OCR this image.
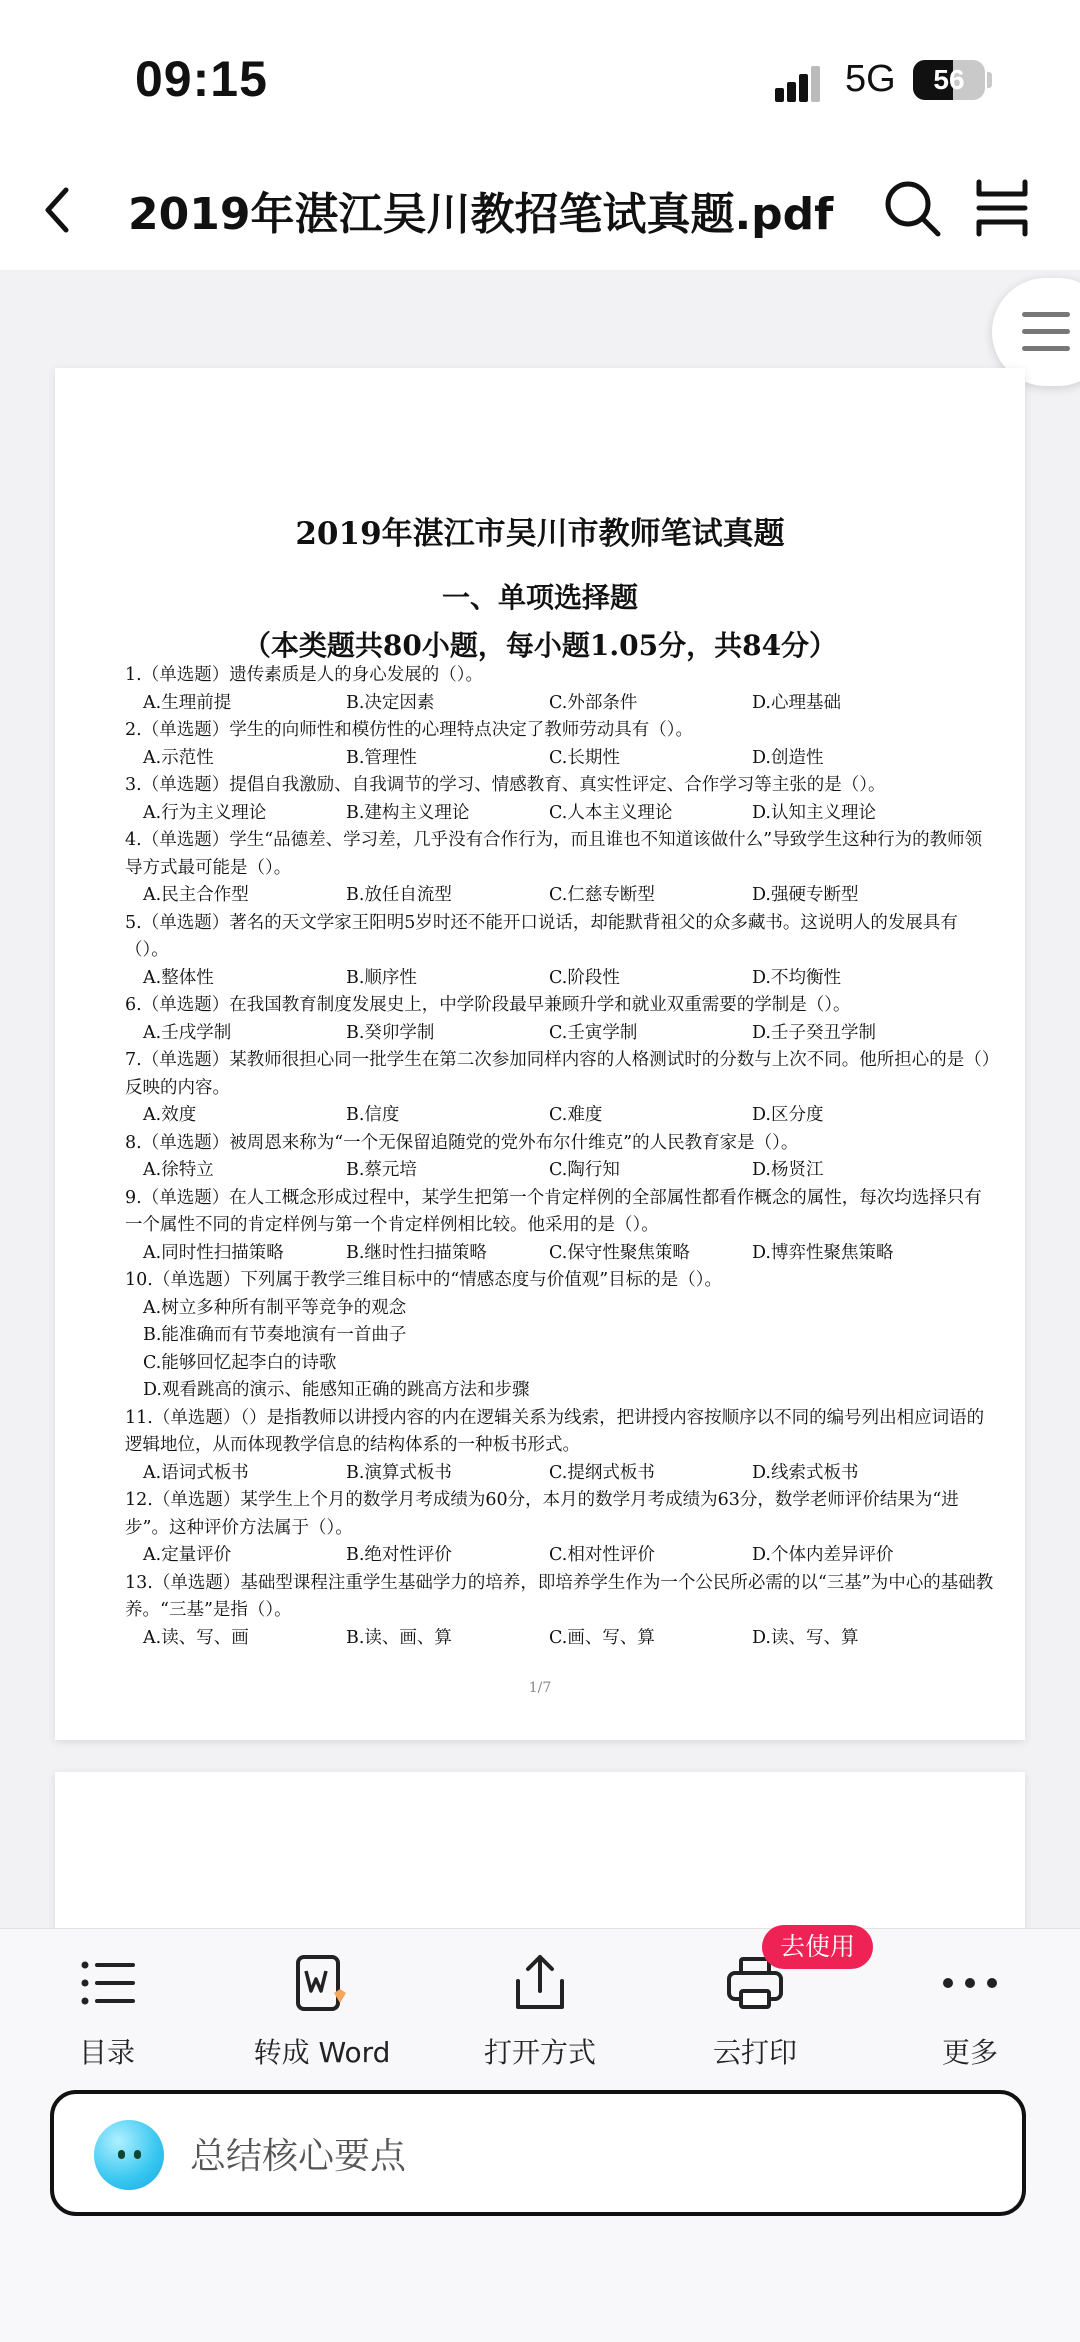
09:15	5G	56
2019年湛江吴川教招笔试真题.pdf
2019年湛江市吴川市教师笔试真题
一、单项选择题
（本类题共80小题，每小题1.05分，共84分）

1.（单选题）遗传素质是人的身心发展的（）。

A.生理前提	B.决定因素	C.外部条件	D.心理基础

2.（单选题）学生的向师性和模仿性的心理特点决定了教师劳动具有（）。

A.示范性	B.管理性	C.长期性	D.创造性

3.（单选题）提倡自我激励、自我调节的学习、情感教育、真实性评定、合作学习等主张的是（）。

A.行为主义理论	B.建构主义理论	C.人本主义理论	D.认知主义理论

4.（单选题）学生“品德差、学习差，几乎没有合作行为，而且谁也不知道该做什么”导致学生这种行为的教师领导方式最可能是（）。

A.民主合作型	B.放任自流型	C.仁慈专断型	D.强硬专断型

5.（单选题）著名的天文学家王阳明5岁时还不能开口说话，却能默背祖父的众多藏书。这说明人的发展具有（）。

A.整体性	B.顺序性	C.阶段性	D.不均衡性

6.（单选题）在我国教育制度发展史上，中学阶段最早兼顾升学和就业双重需要的学制是（）。

A.壬戌学制	B.癸卯学制	C.壬寅学制	D.壬子癸丑学制

7.（单选题）某教师很担心同一批学生在第二次参加同样内容的人格测试时的分数与上次不同。他所担心的是（）反映的内容。

A.效度	B.信度	C.难度	D.区分度

8.（单选题）被周恩来称为“一个无保留追随党的党外布尔什维克”的人民教育家是（）。

A.徐特立	B.蔡元培	C.陶行知	D.杨贤江

9.（单选题）在人工概念形成过程中，某学生把第一个肯定样例的全部属性都看作概念的属性，每次均选择只有一个属性不同的肯定样例与第一个肯定样例相比较。他采用的是（）。

A.同时性扫描策略	B.继时性扫描策略	C.保守性聚焦策略	D.博弈性聚焦策略

10.（单选题）下列属于教学三维目标中的“情感态度与价值观”目标的是（）。

A.树立多种所有制平等竞争的观念
B.能准确而有节奏地演有一首曲子
C.能够回忆起李白的诗歌
D.观看跳高的演示、能感知正确的跳高方法和步骤

11.（单选题）（）是指教师以讲授内容的内在逻辑关系为线索，把讲授内容按顺序以不同的编号列出相应词语的逻辑地位，从而体现教学信息的结构体系的一种板书形式。

A.语词式板书	B.演算式板书	C.提纲式板书	D.线索式板书

12.（单选题）某学生上个月的数学月考成绩为60分，本月的数学月考成绩为63分，数学老师评价结果为“进步”。这种评价方法属于（）。

A.定量评价	B.绝对性评价	C.相对性评价	D.个体内差异评价

13.（单选题）基础型课程注重学生基础学力的培养，即培养学生作为一个公民所必需的以“三基”为中心的基础教养。“三基”是指（）。

A.读、写、画	B.读、画、算	C.画、写、算	D.读、写、算
1/7
目录	转成 Word	打开方式	云打印	更多
去使用
总结核心要点
